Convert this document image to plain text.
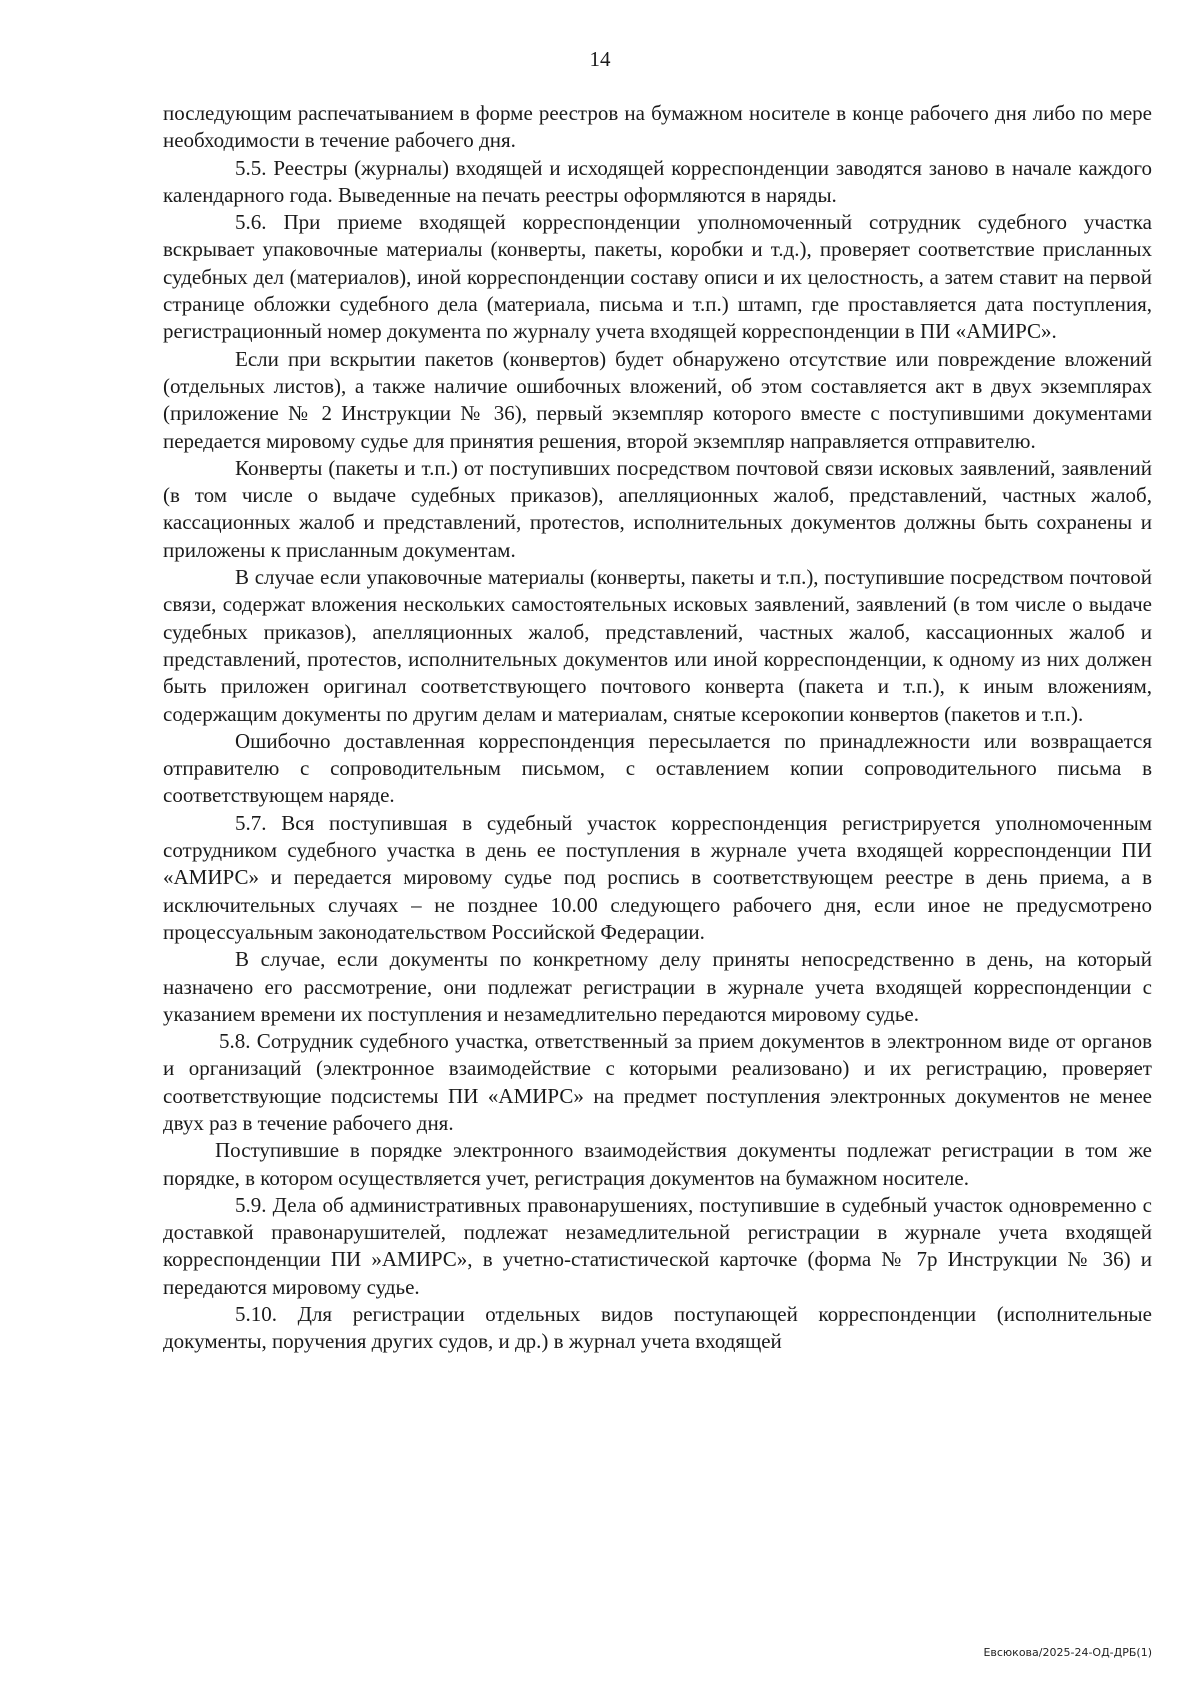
14

последующим распечатыванием в форме реестров на бумажном носителе в конце рабочего дня либо по мере необходимости в течение рабочего дня.

5.5. Реестры (журналы) входящей и исходящей корреспонденции заводятся заново в начале каждого календарного года. Выведенные на печать реестры оформляются в наряды.

5.6. При приеме входящей корреспонденции уполномоченный сотрудник судебного участка вскрывает упаковочные материалы (конверты, пакеты, коробки и т.д.), проверяет соответствие присланных судебных дел (материалов), иной корреспонденции составу описи и их целостность, а затем ставит на первой странице обложки судебного дела (материала, письма и т.п.) штамп, где проставляется дата поступления, регистрационный номер документа по журналу учета входящей корреспонденции в ПИ «АМИРС».

Если при вскрытии пакетов (конвертов) будет обнаружено отсутствие или повреждение вложений (отдельных листов), а также наличие ошибочных вложений, об этом составляется акт в двух экземплярах (приложение № 2 Инструкции № 36), первый экземпляр которого вместе с поступившими документами передается мировому судье для принятия решения, второй экземпляр направляется отправителю.

Конверты (пакеты и т.п.) от поступивших посредством почтовой связи исковых заявлений, заявлений (в том числе о выдаче судебных приказов), апелляционных жалоб, представлений, частных жалоб, кассационных жалоб и представлений, протестов, исполнительных документов должны быть сохранены и приложены к присланным документам.

В случае если упаковочные материалы (конверты, пакеты и т.п.), поступившие посредством почтовой связи, содержат вложения нескольких самостоятельных исковых заявлений, заявлений (в том числе о выдаче судебных приказов), апелляционных жалоб, представлений, частных жалоб, кассационных жалоб и представлений, протестов, исполнительных документов или иной корреспонденции, к одному из них должен быть приложен оригинал соответствующего почтового конверта (пакета и т.п.), к иным вложениям, содержащим документы по другим делам и материалам, снятые ксерокопии конвертов (пакетов и т.п.).

Ошибочно доставленная корреспонденция пересылается по принадлежности или возвращается отправителю с сопроводительным письмом, с оставлением копии сопроводительного письма в соответствующем наряде.

5.7. Вся поступившая в судебный участок корреспонденция регистрируется уполномоченным сотрудником судебного участка в день ее поступления в журнале учета входящей корреспонденции ПИ «АМИРС» и передается мировому судье под роспись в соответствующем реестре в день приема, а в исключительных случаях – не позднее 10.00 следующего рабочего дня, если иное не предусмотрено процессуальным законодательством Российской Федерации.

В случае, если документы по конкретному делу приняты непосредственно в день, на который назначено его рассмотрение, они подлежат регистрации в журнале учета входящей корреспонденции с указанием времени их поступления и незамедлительно передаются мировому судье.

5.8. Сотрудник судебного участка, ответственный за прием документов в электронном виде от органов и организаций (электронное взаимодействие с которыми реализовано) и их регистрацию, проверяет соответствующие подсистемы ПИ «АМИРС» на предмет поступления электронных документов не менее двух раз в течение рабочего дня.

Поступившие в порядке электронного взаимодействия документы подлежат регистрации в том же порядке, в котором осуществляется учет, регистрация документов на бумажном носителе.

5.9. Дела об административных правонарушениях, поступившие в судебный участок одновременно с доставкой правонарушителей, подлежат незамедлительной регистрации в журнале учета входящей корреспонденции ПИ »АМИРС», в учетно-статистической карточке (форма № 7р Инструкции № 36) и передаются мировому судье.

5.10. Для регистрации отдельных видов поступающей корреспонденции (исполнительные документы, поручения других судов, и др.) в журнал учета входящей

Евсюкова/2025-24-ОД-ДРБ(1)
